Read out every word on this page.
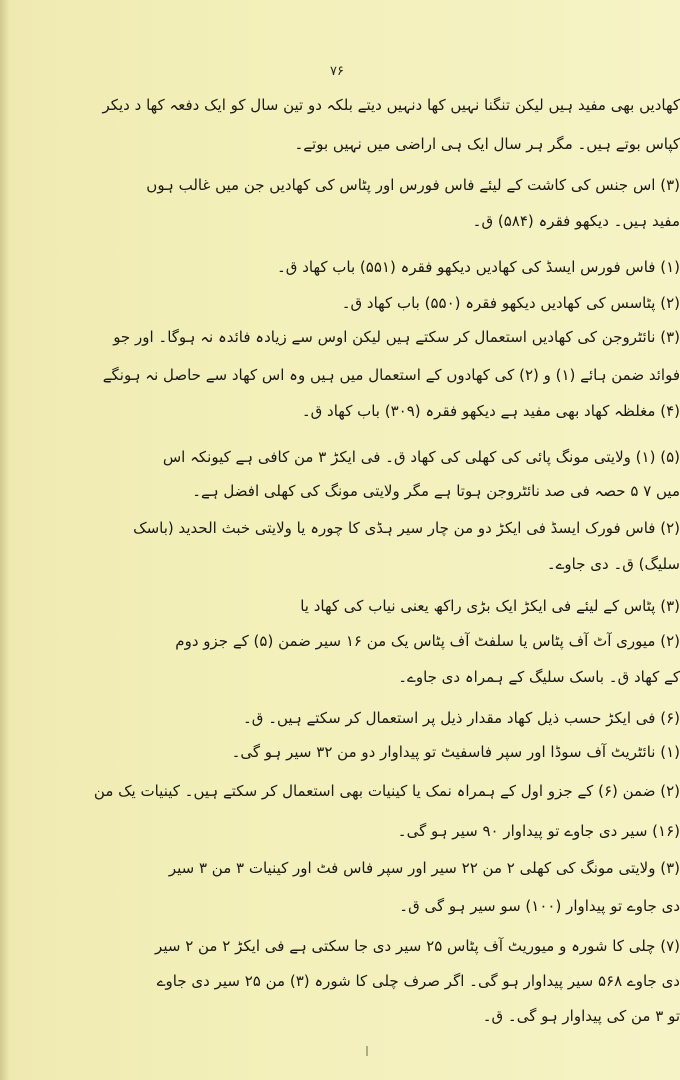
۷۶
کھادیں بھی مفید ہیں لیکن تنگنا نہیں کھا دنہیں دیتے بلکہ دو تین سال کو ایک دفعہ کھا د دیکر
کپاس بوتے ہیں۔ مگر ہر سال ایک ہی اراضی میں نہیں بوتے۔
(۳) اس جنس کی کاشت کے لیئے فاس فورس اور پٹاس کی کھادیں جن میں غالب ہوں
مفید ہیں۔ دیکھو فقرہ (۵۸۴) ق۔
(۱) فاس فورس ایسڈ کی کھادیں دیکھو فقرہ (۵۵۱) باب کھاد ق۔
(۲) پٹاسس کی کھادیں دیکھو فقرہ (۵۵۰) باب کھاد ق۔
(۳) نائٹروجن کی کھادیں استعمال کر سکتے ہیں لیکن اوس سے زیادہ فائدہ نہ ہوگا۔ اور جو
فوائد ضمن ہائے (۱) و (۲) کی کھادوں کے استعمال میں ہیں وہ اس کھاد سے حاصل نہ ہونگے
(۴) مغلظہ کھاد بھی مفید ہے دیکھو فقرہ (۳۰۹) باب کھاد ق۔
(۵) (۱) ولایتی مونگ پائی کی کھلی کی کھاد ق۔ فی ایکڑ ۳ من کافی ہے کیونکہ اس
میں ۷ ۵ حصہ فی صد نائٹروجن ہوتا ہے مگر ولایتی مونگ کی کھلی افضل ہے۔
(۲) فاس فورک ایسڈ فی ایکڑ دو من چار سیر ہڈی کا چورہ یا ولایتی خبث الحدید (باسک
سلیگ) ق۔ دی جاوے۔
(۳) پٹاس کے لیئے فی ایکڑ ایک بڑی راکھ یعنی نیاب کی کھاد یا
(۲) میوری آٹ آف پٹاس یا سلفٹ آف پٹاس یک من ۱۶ سیر ضمن (۵) کے جزو دوم
کے کھاد ق۔ باسک سلیگ کے ہمراہ دی جاوے۔
(۶) فی ایکڑ حسب ذیل کھاد مقدار ذیل پر استعمال کر سکتے ہیں۔ ق۔
(۱) نائٹریٹ آف سوڈا اور سپر فاسفیٹ تو پیداوار دو من ۳۲ سیر ہو گی۔
(۲) ضمن (۶) کے جزو اول کے ہمراہ نمک یا کینیات بھی استعمال کر سکتے ہیں۔ کینیات یک من
(۱۶) سیر دی جاوے تو پیداوار ۹۰ سیر ہو گی۔
(۳) ولایتی مونگ کی کھلی ۲ من ۲۲ سیر اور سپر فاس فٹ اور کینیات ۳ من ۳ سیر
دی جاوے تو پیداوار (۱۰۰) سو سیر ہو گی ق۔
(۷) چلی کا شورہ و میوریٹ آف پٹاس ۲۵ سیر دی جا سکتی ہے فی ایکڑ ۲ من ۲ سیر
دی جاوے ۵۶۸ سیر پیداوار ہو گی۔ اگر صرف چلی کا شورہ (۳) من ۲۵ سیر دی جاوے
تو ۳ من کی پیداوار ہو گی۔ ق۔
